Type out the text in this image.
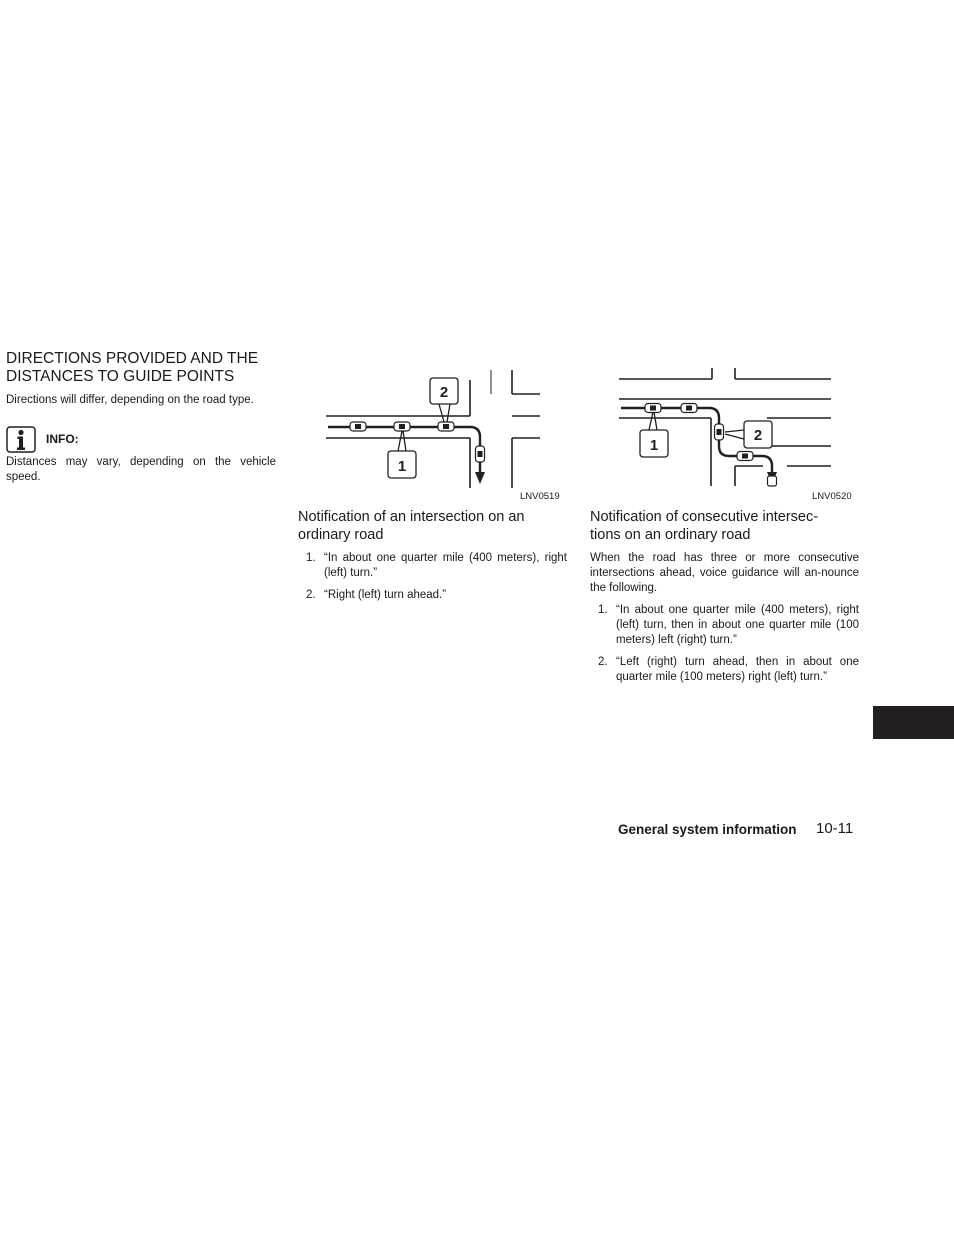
DIRECTIONS PROVIDED AND THE
DISTANCES TO GUIDE POINTS
Directions will differ, depending on the road type.
INFO:
Distances may vary, depending on the vehicle speed.
2
1
LNV0519
1
2
LNV0520
Notification of an intersection on an
ordinary road
1. “In about one quarter mile (400 meters), right (left) turn.”
2. “Right (left) turn ahead.”
Notification of consecutive intersec-
tions on an ordinary road
When the road has three or more consecutive intersections ahead, voice guidance will an-nounce the following.
1. “In about one quarter mile (400 meters), right (left) turn, then in about one quarter mile (100 meters) left (right) turn.”
2. “Left (right) turn ahead, then in about one quarter mile (100 meters) right (left) turn.”
General system information 10-11
